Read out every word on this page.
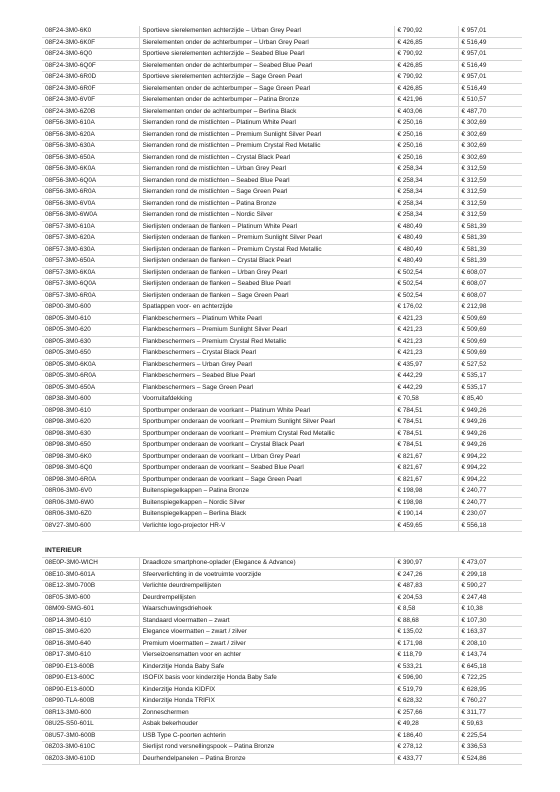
08F24-3M0-6K0	Sportieve sierelementen achterzijde – Urban Grey Pearl	€ 790,92	€ 957,01
08F24-3M0-6K0F	Sierelementen onder de achterbumper – Urban Grey Pearl	€ 426,85	€ 516,49
08F24-3M0-6Q0	Sportieve sierelementen achterzijde – Seabed Blue Pearl	€ 790,92	€ 957,01
08F24-3M0-6Q0F	Sierelementen onder de achterbumper – Seabed Blue Pearl	€ 426,85	€ 516,49
08F24-3M0-6R0D	Sportieve sierelementen achterzijde – Sage Green Pearl	€ 790,92	€ 957,01
08F24-3M0-6R0F	Sierelementen onder de achterbumper – Sage Green Pearl	€ 426,85	€ 516,49
08F24-3M0-6V0F	Sierelementen onder de achterbumper – Patina Bronze	€ 421,96	€ 510,57
08F24-3M0-6Z0B	Sierelementen onder de achterbumper – Berlina Black	€ 403,06	€ 487,70
08F56-3M0-610A	Sierranden rond de mistlichten – Platinum White Pearl	€ 250,16	€ 302,69
08F56-3M0-620A	Sierranden rond de mistlichten – Premium Sunlight Silver Pearl	€ 250,16	€ 302,69
08F56-3M0-630A	Sierranden rond de mistlichten – Premium Crystal Red Metallic	€ 250,16	€ 302,69
08F56-3M0-650A	Sierranden rond de mistlichten – Crystal Black Pearl	€ 250,16	€ 302,69
08F56-3M0-6K0A	Sierranden rond de mistlichten – Urban Grey Pearl	€ 258,34	€ 312,59
08F56-3M0-6Q0A	Sierranden rond de mistlichten – Seabed Blue Pearl	€ 258,34	€ 312,59
08F56-3M0-6R0A	Sierranden rond de mistlichten – Sage Green Pearl	€ 258,34	€ 312,59
08F56-3M0-6V0A	Sierranden rond de mistlichten – Patina Bronze	€ 258,34	€ 312,59
08F56-3M0-6W0A	Sierranden rond de mistlichten – Nordic Silver	€ 258,34	€ 312,59
08F57-3M0-610A	Sierlijsten onderaan de flanken – Platinum White Pearl	€ 480,49	€ 581,39
08F57-3M0-620A	Sierlijsten onderaan de flanken – Premium Sunlight Silver Pearl	€ 480,49	€ 581,39
08F57-3M0-630A	Sierlijsten onderaan de flanken – Premium Crystal Red Metallic	€ 480,49	€ 581,39
08F57-3M0-650A	Sierlijsten onderaan de flanken – Crystal Black Pearl	€ 480,49	€ 581,39
08F57-3M0-6K0A	Sierlijsten onderaan de flanken – Urban Grey Pearl	€ 502,54	€ 608,07
08F57-3M0-6Q0A	Sierlijsten onderaan de flanken – Seabed Blue Pearl	€ 502,54	€ 608,07
08F57-3M0-6R0A	Sierlijsten onderaan de flanken – Sage Green Pearl	€ 502,54	€ 608,07
08P00-3M0-600	Spatlappen voor- en achterzijde	€ 176,02	€ 212,98
08P05-3M0-610	Flankbeschermers – Platinum White Pearl	€ 421,23	€ 509,69
08P05-3M0-620	Flankbeschermers – Premium Sunlight Silver Pearl	€ 421,23	€ 509,69
08P05-3M0-630	Flankbeschermers – Premium Crystal Red Metallic	€ 421,23	€ 509,69
08P05-3M0-650	Flankbeschermers – Crystal Black Pearl	€ 421,23	€ 509,69
08P05-3M0-6K0A	Flankbeschermers – Urban Grey Pearl	€ 435,97	€ 527,52
08P05-3M0-6R0A	Flankbeschermers – Seabed Blue Pearl	€ 442,29	€ 535,17
08P05-3M0-650A	Flankbeschermers – Sage Green Pearl	€ 442,29	€ 535,17
08P38-3M0-600	Voorruitafdekking	€ 70,58	€ 85,40
08P98-3M0-610	Sportbumper onderaan de voorkant – Platinum White Pearl	€ 784,51	€ 949,26
08P98-3M0-620	Sportbumper onderaan de voorkant – Premium Sunlight Silver Pearl	€ 784,51	€ 949,26
08P98-3M0-630	Sportbumper onderaan de voorkant – Premium Crystal Red Metallic	€ 784,51	€ 949,26
08P98-3M0-650	Sportbumper onderaan de voorkant – Crystal Black Pearl	€ 784,51	€ 949,26
08P98-3M0-6K0	Sportbumper onderaan de voorkant – Urban Grey Pearl	€ 821,67	€ 994,22
08P98-3M0-6Q0	Sportbumper onderaan de voorkant – Seabed Blue Pearl	€ 821,67	€ 994,22
08P98-3M0-6R0A	Sportbumper onderaan de voorkant – Sage Green Pearl	€ 821,67	€ 994,22
08R06-3M0-6V0	Buitenspiegelkappen – Patina Bronze	€ 198,98	€ 240,77
08R06-3M0-6W0	Buitenspiegelkappen – Nordic Silver	€ 198,98	€ 240,77
08R06-3M0-6Z0	Buitenspiegelkappen – Berlina Black	€ 190,14	€ 230,07
08V27-3M0-600	Verlichte logo-projector HR-V	€ 459,65	€ 556,18
INTERIEUR
08E0P-3M0-WICH	Draadloze smartphone-oplader (Elegance & Advance)	€ 390,97	€ 473,07
08E10-3M0-601A	Sfeerverlichting in de voetruimte voorzijde	€ 247,26	€ 299,18
08E12-3M0-700B	Verlichte deurdrempellijsten	€ 487,83	€ 590,27
08F05-3M0-600	Deurdrempellijsten	€ 204,53	€ 247,48
08M09-SMG-601	Waarschuwingsdriehoek	€ 8,58	€ 10,38
08P14-3M0-610	Standaard vloermatten – zwart	€ 88,68	€ 107,30
08P15-3M0-620	Elegance vloermatten – zwart / zilver	€ 135,02	€ 163,37
08P16-3M0-640	Premium vloermatten – zwart / zilver	€ 171,98	€ 208,10
08P17-3M0-610	Vierseizoensmatten voor en achter	€ 118,79	€ 143,74
08P90-E13-600B	Kinderzitje Honda Baby Safe	€ 533,21	€ 645,18
08P90-E13-600C	ISOFIX basis voor kinderzitje Honda Baby Safe	€ 596,90	€ 722,25
08P90-E13-600D	Kinderzitje Honda KIDFIX	€ 519,79	€ 628,95
08P90-TLA-600B	Kinderzitje Honda TRIFIX	€ 628,32	€ 760,27
08R13-3M0-600	Zonneschermen	€ 257,66	€ 311,77
08U25-S50-601L	Asbak bekerhouder	€ 49,28	€ 59,63
08U57-3M0-600B	USB Type C-poorten achterin	€ 186,40	€ 225,54
08Z03-3M0-610C	Sierlijst rond versnellingspook – Patina Bronze	€ 278,12	€ 336,53
08Z03-3M0-610D	Deurhendelpanelen – Patina Bronze	€ 433,77	€ 524,86
